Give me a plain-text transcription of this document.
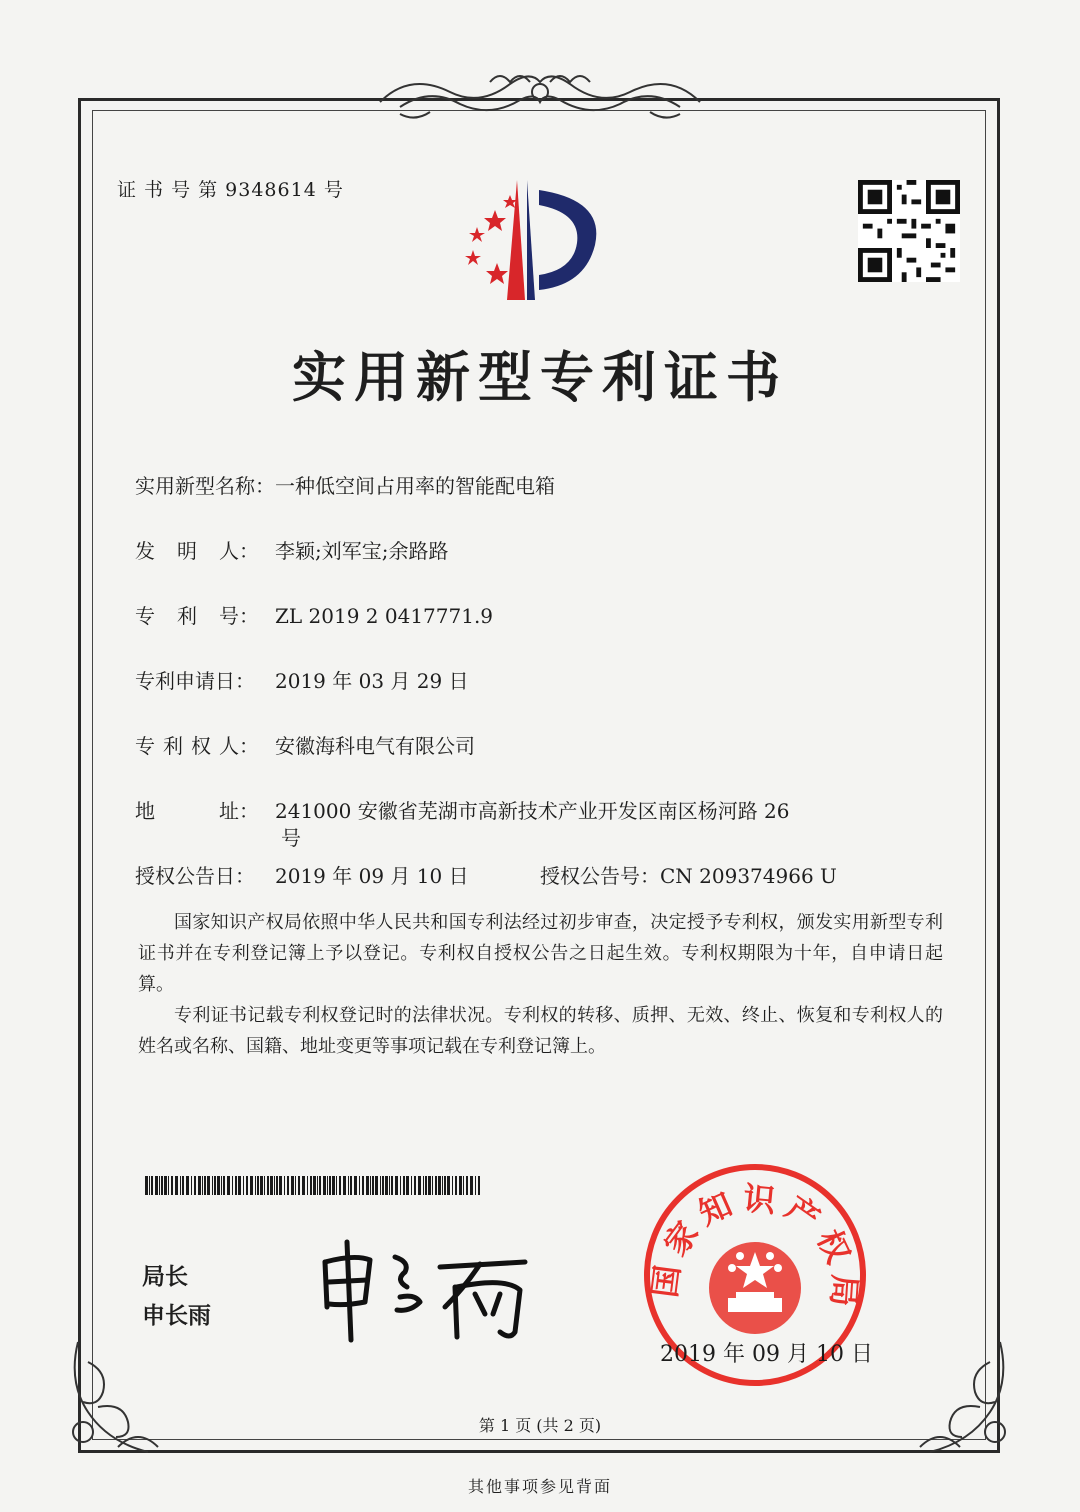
证 书 号 第 9348614 号
实用新型专利证书
实用新型名称：一种低空间占用率的智能配电箱
发 明 人： 李颖;刘军宝;余路路
专 利 号： ZL 2019 2 0417771.9
专利申请日： 2019 年 03 月 29 日
专 利 权 人： 安徽海科电气有限公司
地	址： 241000 安徽省芜湖市高新技术产业开发区南区杨河路 26
号
授权公告日： 2019 年 09 月 10 日	授权公告号：CN 209374966 U

国家知识产权局依照中华人民共和国专利法经过初步审查，决定授予专利权，颁发实用新型专利证书并在专利登记簿上予以登记。专利权自授权公告之日起生效。专利权期限为十年，自申请日起算。

专利证书记载专利权登记时的法律状况。专利权的转移、质押、无效、终止、恢复和专利权人的姓名或名称、国籍、地址变更等事项记载在专利登记簿上。

局长
申长雨
国家知识产权局
2019 年 09 月 10 日
第 1 页 (共 2 页)
其他事项参见背面
